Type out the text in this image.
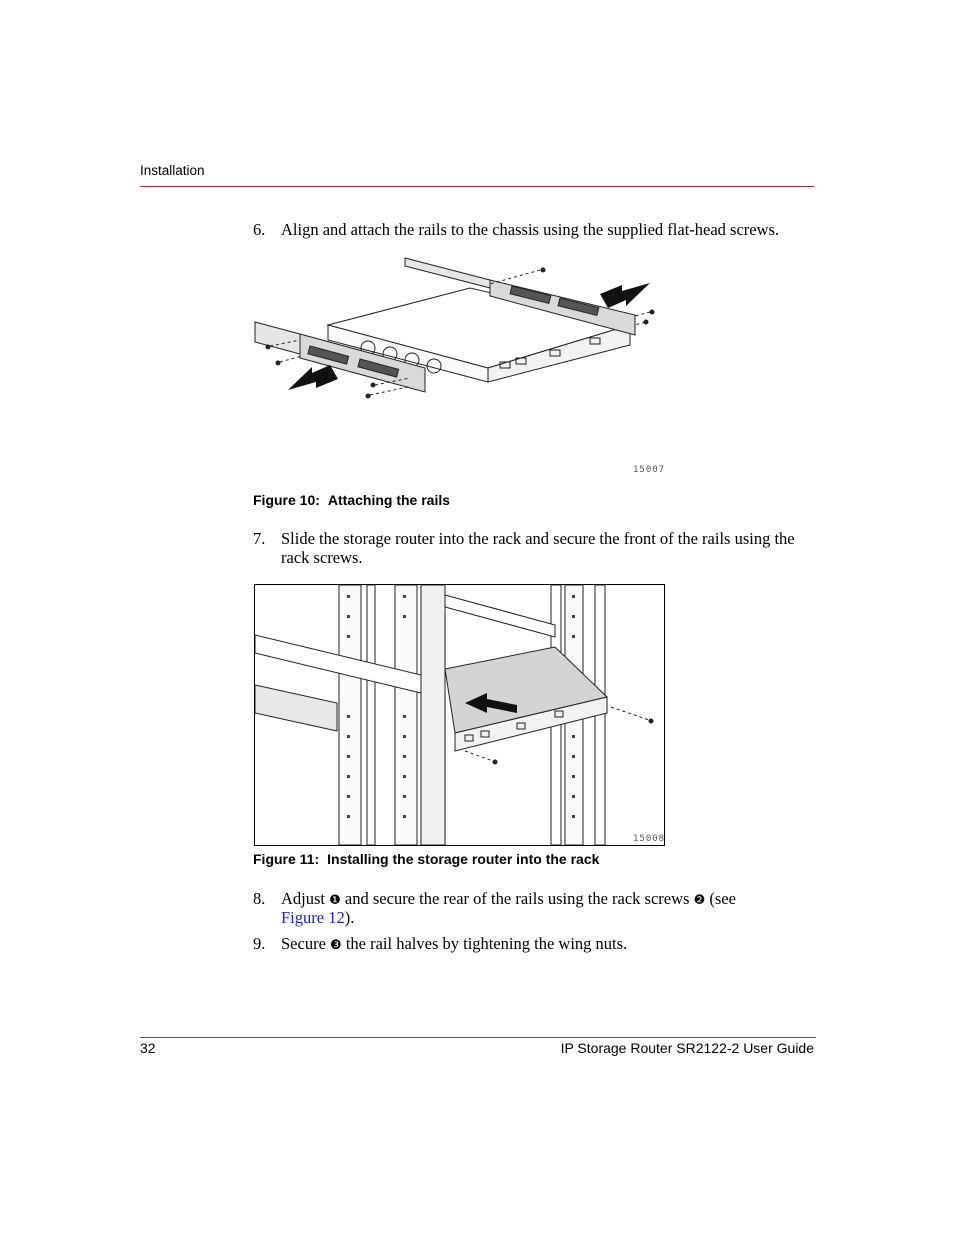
Installation
6. Align and attach the rails to the chassis using the supplied flat-head screws.
15007
Figure 10: Attaching the rails
7. Slide the storage router into the rack and secure the front of the rails using the
rack screws.
15008
Figure 11: Installing the storage router into the rack
8. Adjust ❶ and secure the rear of the rails using the rack screws ❷ (see
Figure 12).
9. Secure ❸ the rail halves by tightening the wing nuts.
32	IP Storage Router SR2122-2 User Guide
